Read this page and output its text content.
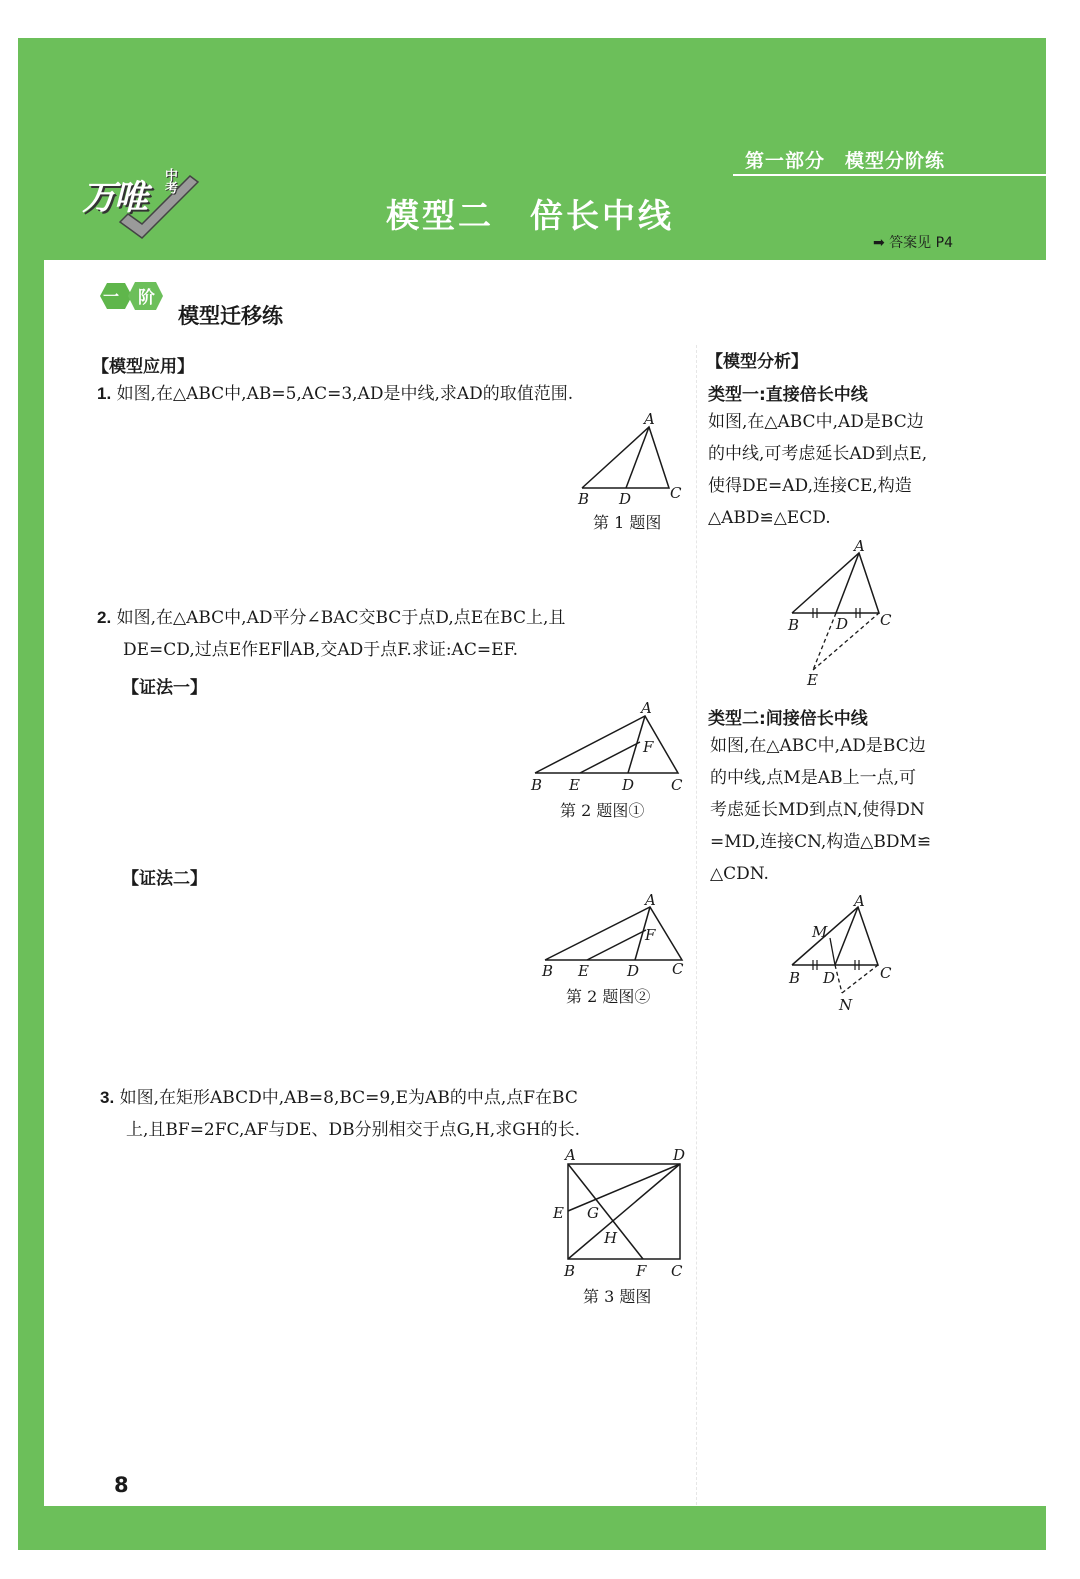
万唯 中考
第一部分　模型分阶练
模型二　倍长中线
➡ 答案见 P4
一 阶
模型迁移练
【模型应用】
1. 如图,在△ABC中,AB=5,AC=3,AD是中线,求AD的取值范围.
A
B D	C
第 1 题图
2. 如图,在△ABC中,AD平分∠BAC交BC于点D,点E在BC上,且
DE=CD,过点E作EF∥AB,交AD于点F.求证:AC=EF.
【证法一】
A
F
B E	D C
第 2 题图①
【证法二】
A
F
B E	D C
第 2 题图②
3. 如图,在矩形ABCD中,AB=8,BC=9,E为AB的中点,点F在BC
上,且BF=2FC,AF与DE、DB分别相交于点G,H,求GH的长.
A	D
E G
H
B	F C
第 3 题图
【模型分析】
类型一:直接倍长中线
如图,在△ABC中,AD是BC边
的中线,可考虑延长AD到点E,
使得DE=AD,连接CE,构造
△ABD≌△ECD.
A
B D C
E
类型二:间接倍长中线
如图,在△ABC中,AD是BC边
的中线,点M是AB上一点,可
考虑延长MD到点N,使得DN
=MD,连接CN,构造△BDM≌
△CDN.
A
M
B D	C
N
8
